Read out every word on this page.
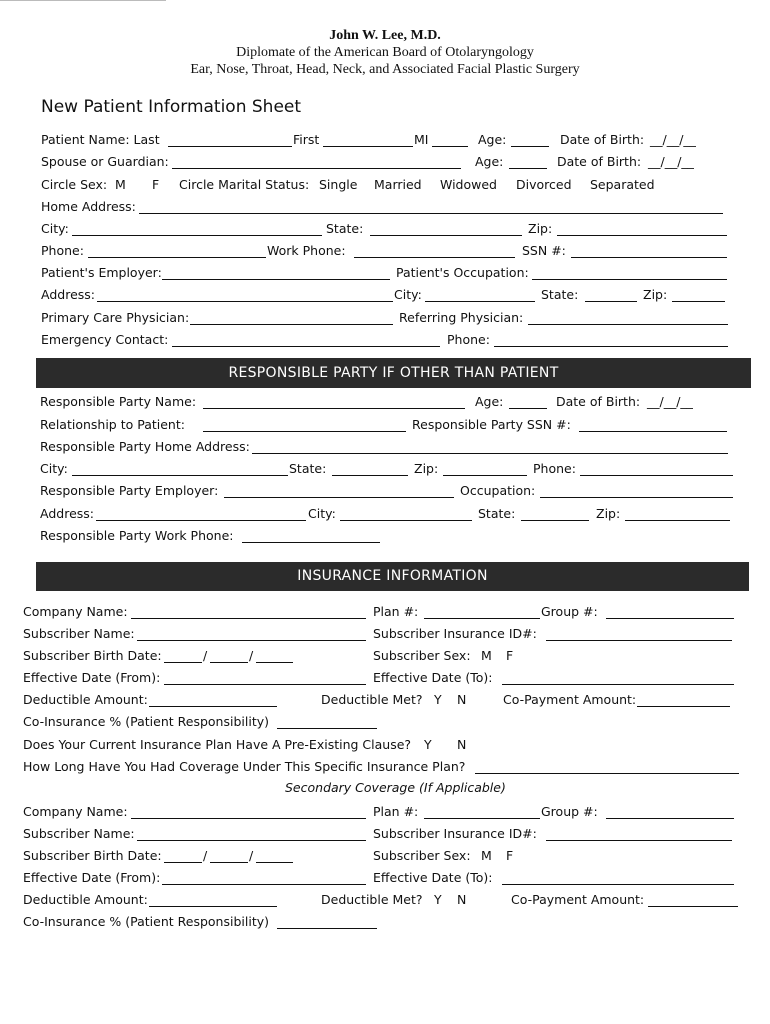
John W. Lee, M.D.
Diplomate of the American Board of Otolaryngology
Ear, Nose, Throat, Head, Neck, and Associated Facial Plastic Surgery
New Patient Information Sheet
Patient Name: Last	First	MI	Age:	Date of Birth: __/__/__
Spouse or Guardian:	Age:	Date of Birth: __/__/__
Circle Sex: M F Circle Marital Status: Single Married Widowed Divorced Separated
Home Address:
City:	State:	Zip:
Phone:	Work Phone:	SSN #:
Patient's Employer:	Patient's Occupation:
Address:	City:	State:	Zip:
Primary Care Physician:	Referring Physician:
Emergency Contact:	Phone:
RESPONSIBLE PARTY IF OTHER THAN PATIENT
Responsible Party Name:	Age:	Date of Birth: __/__/__
Relationship to Patient:	Responsible Party SSN #:
Responsible Party Home Address:
City:	State:	Zip:	Phone:
Responsible Party Employer:	Occupation:
Address:	City:	State:	Zip:
Responsible Party Work Phone:
INSURANCE INFORMATION
Company Name:	Plan #:	Group #:
Subscriber Name:	Subscriber Insurance ID#:
Subscriber Birth Date:	/	/	Subscriber Sex: M F
Effective Date (From):	Effective Date (To):
Deductible Amount:	Deductible Met? Y N	Co-Payment Amount:
Co-Insurance % (Patient Responsibility)
Does Your Current Insurance Plan Have A Pre-Existing Clause? Y N
How Long Have You Had Coverage Under This Specific Insurance Plan?
Secondary Coverage (If Applicable)
Company Name:	Plan #:	Group #:
Subscriber Name:	Subscriber Insurance ID#:
Subscriber Birth Date:	/	/	Subscriber Sex: M F
Effective Date (From):	Effective Date (To):
Deductible Amount:	Deductible Met? Y N	Co-Payment Amount:
Co-Insurance % (Patient Responsibility)
